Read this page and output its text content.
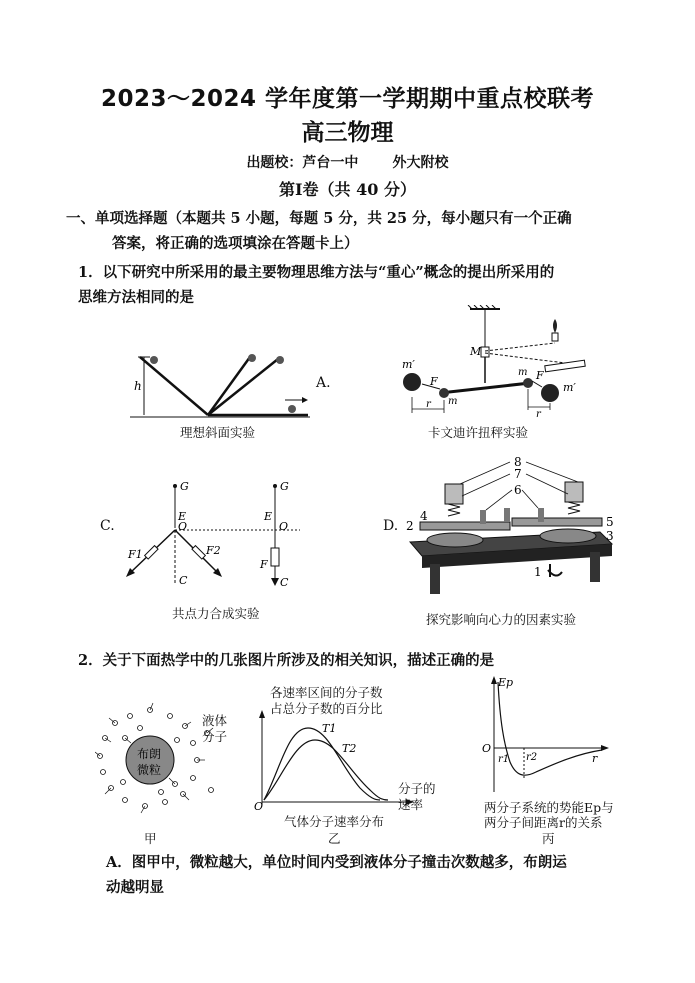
2023～2024 学年度第一学期期中重点校联考
高三物理
出题校：芦台一中       外大附校
第Ⅰ卷（共 40 分）
一、单项选择题（本题共 5 小题，每题 5 分，共 25 分，每小题只有一个正确
答案，将正确的选项填涂在答题卡上）
1．以下研究中所采用的最主要物理思维方法与“重心”概念的提出所采用的
思维方法相同的是
h	A.
理想斜面实验
M
m′
F
m
r
m F
m′
r
卡文迪许扭秤实验
C.
G
E
O
F1	F2
C
G
E
O
F
C
共点力合成实验
D.
8
7
6
4
2	5
3
1
探究影响向心力的因素实验
2．关于下面热学中的几张图片所涉及的相关知识，描述正确的是
布朗
微粒
液体
分子
甲
各速率区间的分子数
占总分子数的百分比
T1
T2
O
分子的
速率
气体分子速率分布
乙
Ep
O
r1 r2	r
两分子系统的势能Ep与
两分子间距离r的关系
丙
A．图甲中，微粒越大，单位时间内受到液体分子撞击次数越多，布朗运
动越明显
